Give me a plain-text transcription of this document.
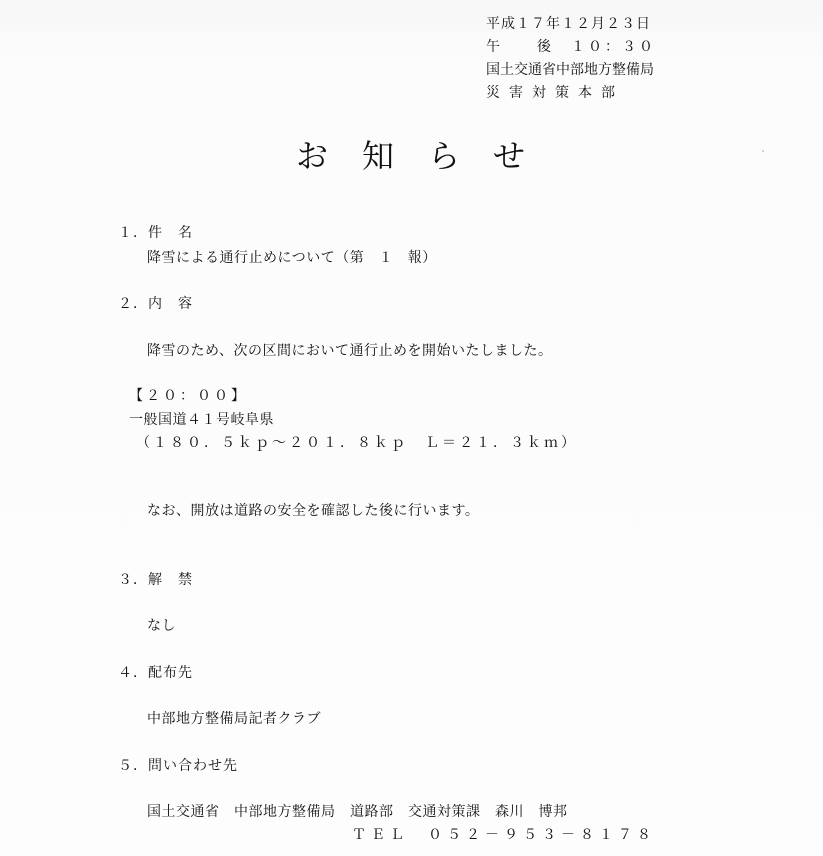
平成１７年１２月２３日
午　　後　１０：３０
国土交通省中部地方整備局
災害対策本部
お知らせ
１．件　名
降雪による通行止めについて（第　１　報）
２．内　容
降雪のため、次の区間において通行止めを開始いたしました。
【２０：００】
一般国道４１号岐阜県
（１８０．５ｋｐ～２０１．８ｋｐ　Ｌ＝２１．３ｋｍ）
なお、開放は道路の安全を確認した後に行います。
３．解　禁
なし
４．配布先
中部地方整備局記者クラブ
５．問い合わせ先
国土交通省　中部地方整備局　道路部　交通対策課　森川　博邦
ＴＥＬ　０５２－９５３－８１７８
